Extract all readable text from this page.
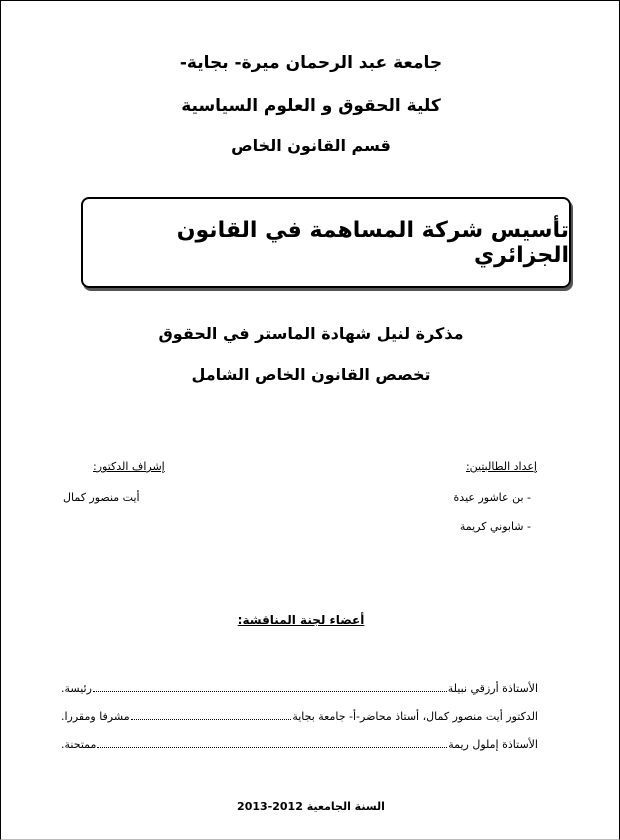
جامعة عبد الرحمان ميرة- بجاية-
كلية الحقوق و العلوم السياسية
قسم القانون الخاص
تأسيس شركة المساهمة في القانون الجزائري
مذكرة لنيل شهادة الماستر في الحقوق
تخصص القانون الخاص الشامل
إعداد الطالبتين:
- بن عاشور عيدة
- شابوني كريمة
إشراف الدكتور:
أيت منصور كمال
أعضاء لجنة المناقشة:
الأستاذة أرزقي نبيلة
رئيسة.
الدكتور أيت منصور كمال، أستاذ محاضر-أ- جامعة بجاية
مشرفا ومقررا.
الأستاذة إملول ريمة
ممتحنة.
السنة الجامعية 2012-2013
